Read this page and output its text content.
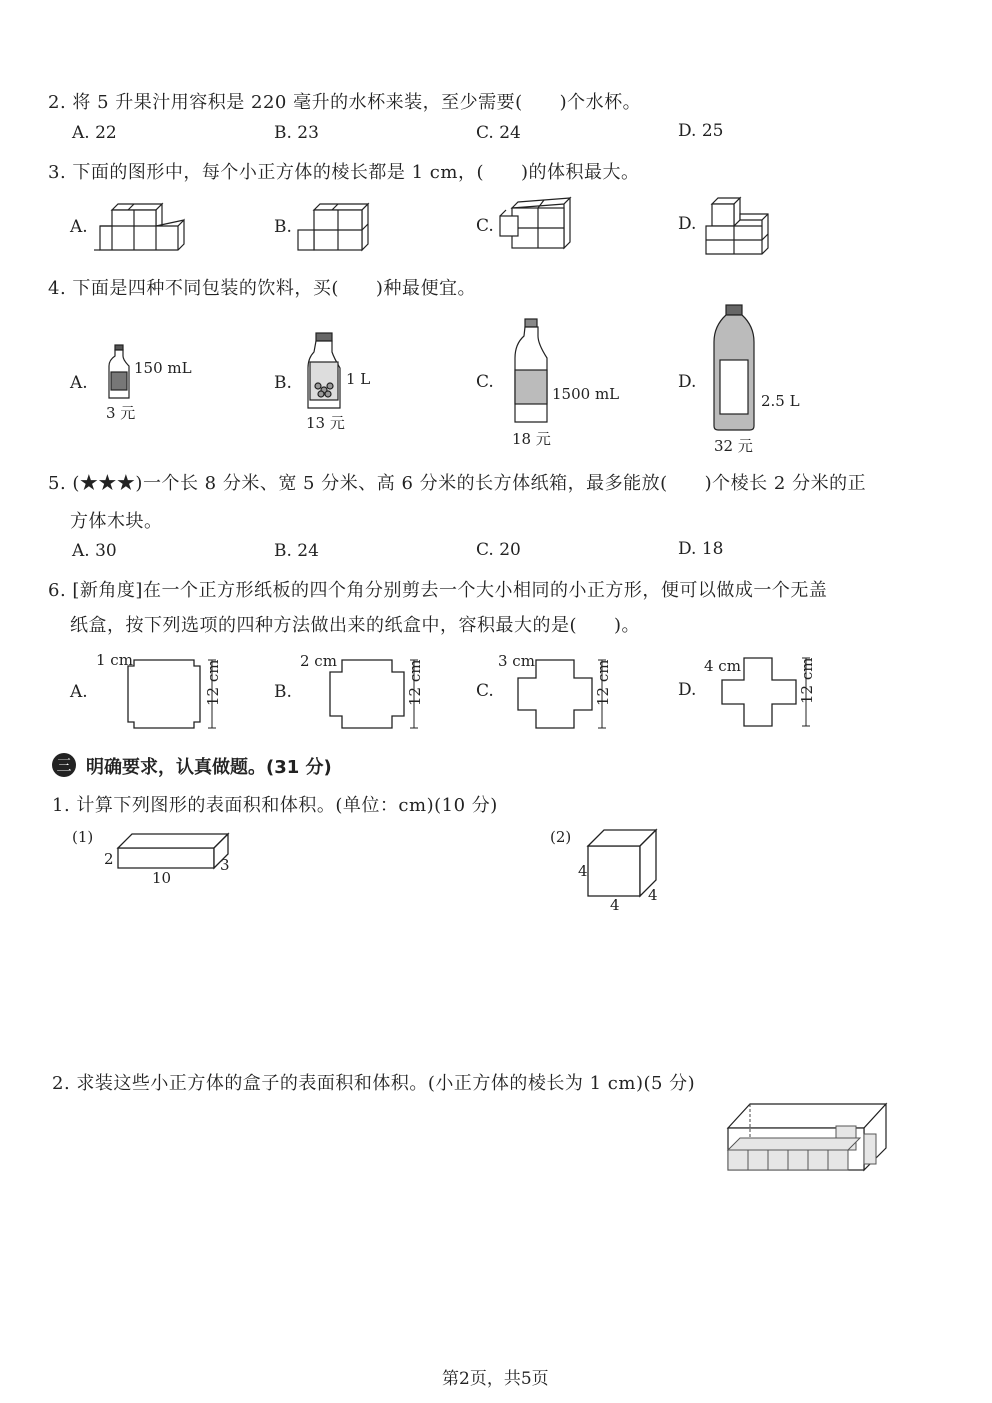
2. 将 5 升果汁用容积是 220 毫升的水杯来装，至少需要(　　)个水杯。
A. 22	B. 23	C. 24	D. 25
3. 下面的图形中，每个小正方体的棱长都是 1 cm，(　　)的体积最大。
A.	B.	C.	D.
4. 下面是四种不同包装的饮料，买(　　)种最便宜。
A.	B.	C.	D.
150 mL
3 元
1 L
13 元
1500 mL
18 元
2.5 L
32 元
5. (★★★)一个长 8 分米、宽 5 分米、高 6 分米的长方体纸箱，最多能放(　　)个棱长 2 分米的正
方体木块。
A. 30	B. 24	C. 20	D. 18
6. [新角度]在一个正方形纸板的四个角分别剪去一个大小相同的小正方形，便可以做成一个无盖
纸盒，按下列选项的四种方法做出来的纸盒中，容积最大的是(　　)。
A.	B.	C.	D.
1 cm	2 cm	3 cm	4 cm
12 cm	12 cm	12 cm	12 cm
三 明确要求，认真做题。(31 分)
1. 计算下列图形的表面积和体积。(单位：cm)(10 分)
(1)
2
10
3
(2)
4
4
4
2. 求装这些小正方体的盒子的表面积和体积。(小正方体的棱长为 1 cm)(5 分)
第2页，共5页
